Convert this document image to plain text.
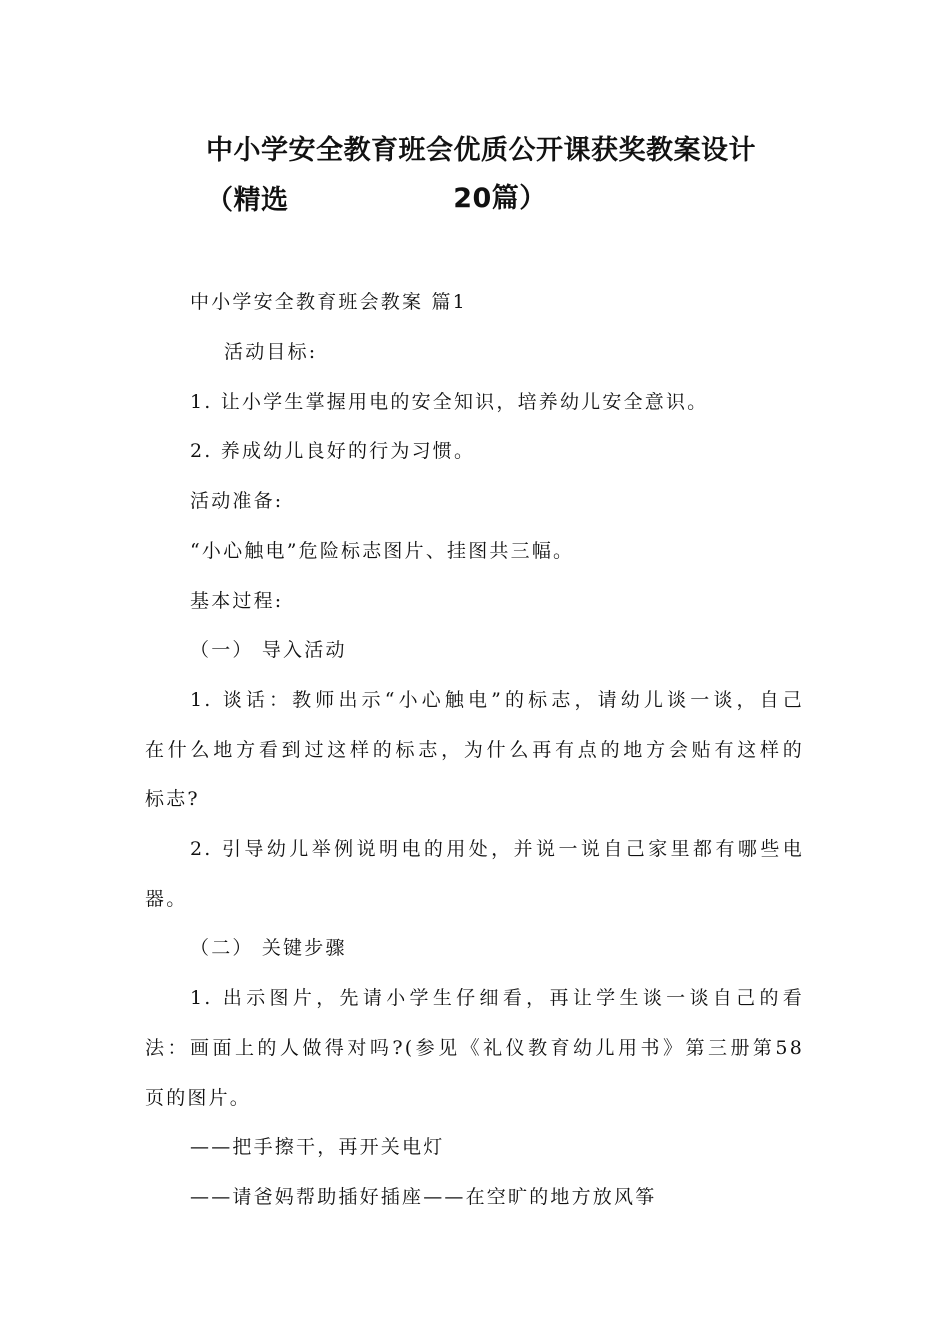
中小学安全教育班会优质公开课获奖教案设计（精选	20篇）
中小学安全教育班会教案 篇1
活动目标:
1. 让小学生掌握用电的安全知识，培养幼儿安全意识。
2. 养成幼儿良好的行为习惯。
活动准备:
“小心触电”危险标志图片、挂图共三幅。
基本过程:
（一） 导入活动
1. 谈话：教师出示“小心触电”的标志，请幼儿谈一谈，自己
在什么地方看到过这样的标志，为什么再有点的地方会贴有这样的
标志?
2. 引导幼儿举例说明电的用处，并说一说自己家里都有哪些电
器。
（二） 关键步骤
1. 出示图片，先请小学生仔细看，再让学生谈一谈自己的看
法：画面上的人做得对吗?(参见《礼仪教育幼儿用书》第三册第58
页的图片。
——把手擦干，再开关电灯
——请爸妈帮助插好插座——在空旷的地方放风筝
